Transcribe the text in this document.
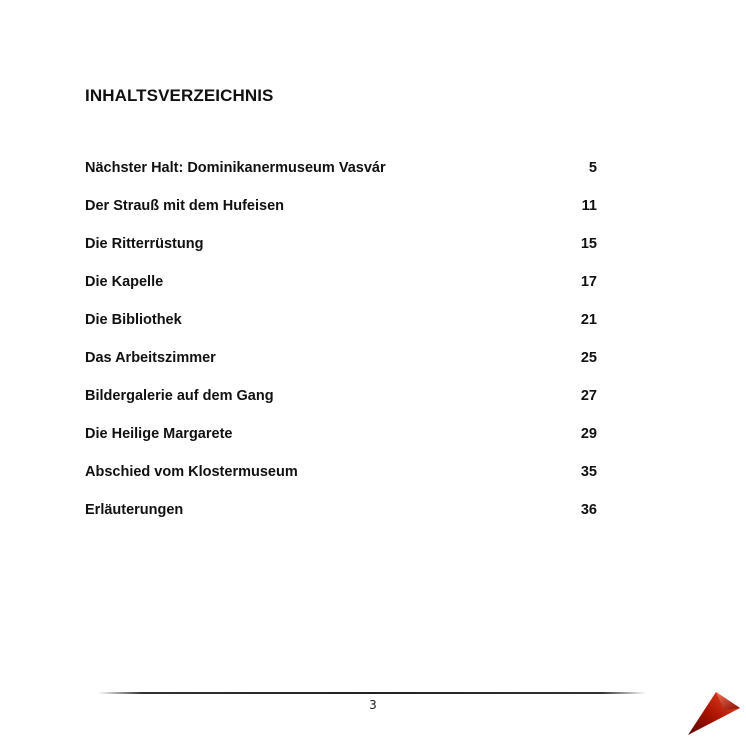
INHALTSVERZEICHNIS
Nächster Halt: Dominikanermuseum Vasvár	5
Der Strauß mit dem Hufeisen	11
Die Ritterrüstung	15
Die Kapelle	17
Die Bibliothek	21
Das Arbeitszimmer	25
Bildergalerie auf dem Gang	27
Die Heilige Margarete	29
Abschied vom Klostermuseum	35
Erläuterungen	36
3
